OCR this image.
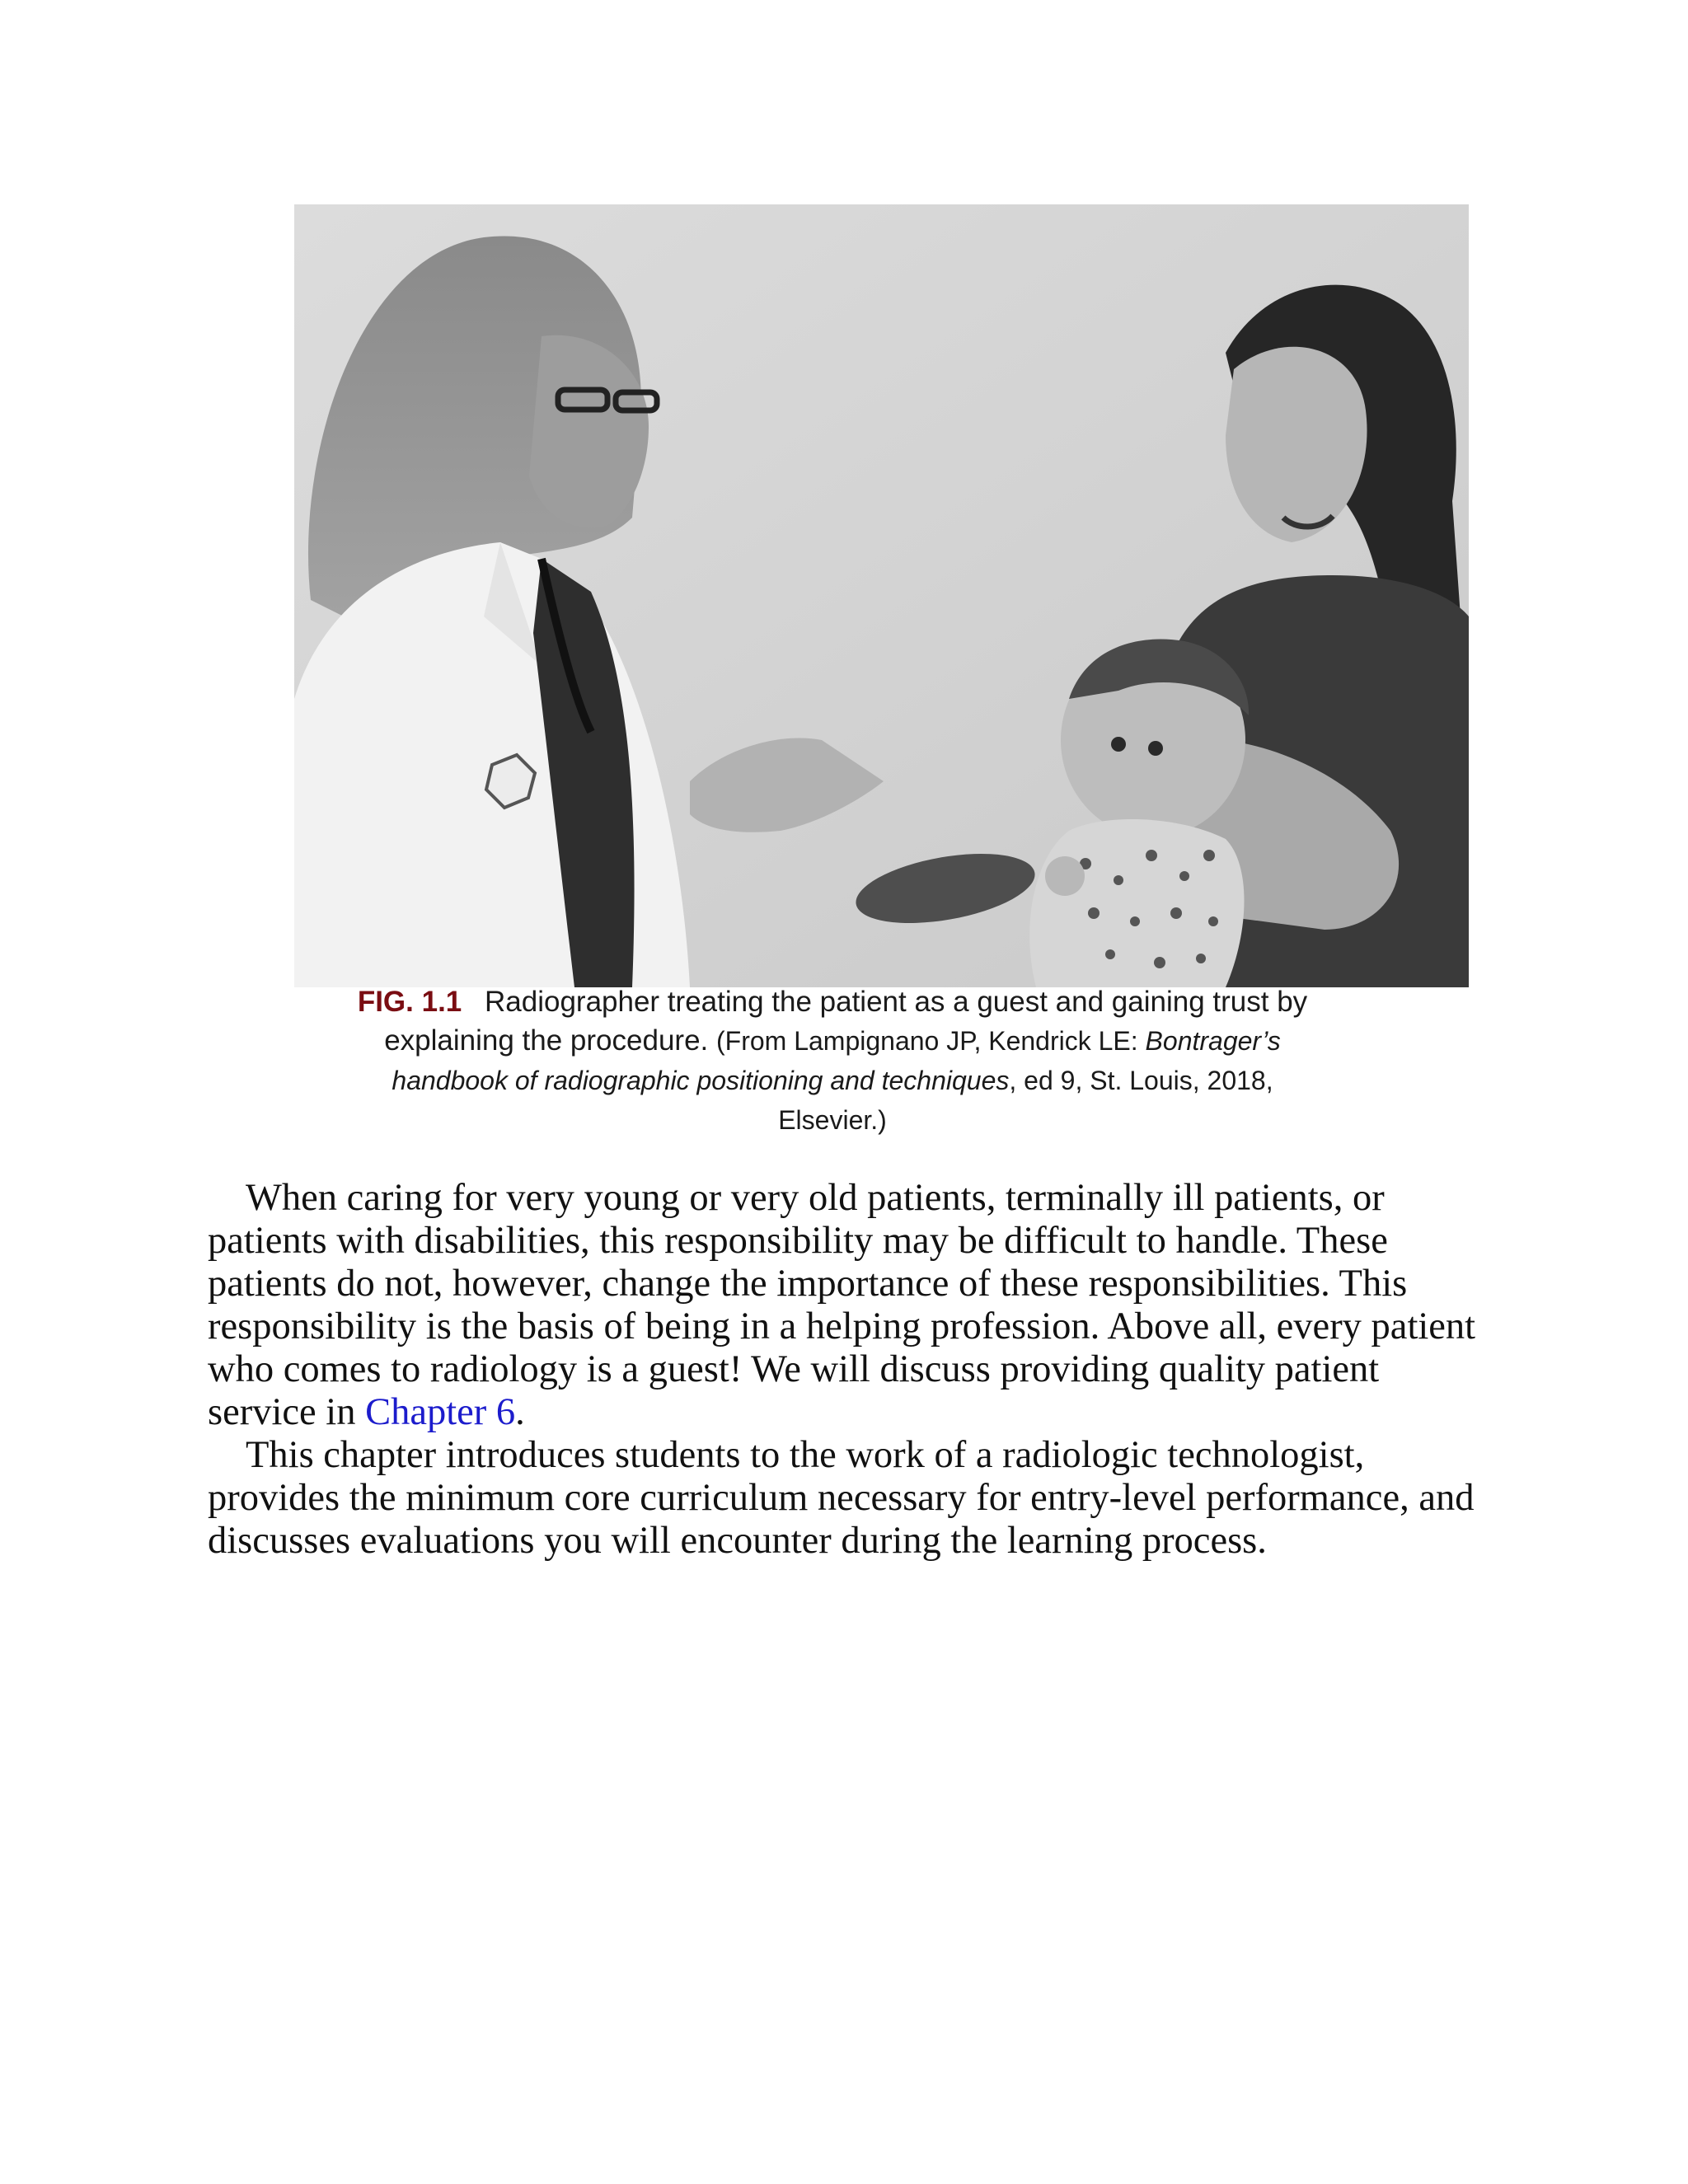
FIG. 1.1 Radiographer treating the patient as a guest and gaining trust by explaining the procedure. (From Lampignano JP, Kendrick LE: Bontrager’s handbook of radiographic positioning and techniques, ed 9, St. Louis, 2018, Elsevier.)

When caring for very young or very old patients, terminally ill patients, or patients with disabilities, this responsibility may be difficult to handle. These patients do not, however, change the importance of these responsibilities. This responsibility is the basis of being in a helping profession. Above all, every patient who comes to radiology is a guest! We will discuss providing quality patient service in Chapter 6.

This chapter introduces students to the work of a radiologic technologist, provides the minimum core curriculum necessary for entry-level performance, and discusses evaluations you will encounter during the learning process.
